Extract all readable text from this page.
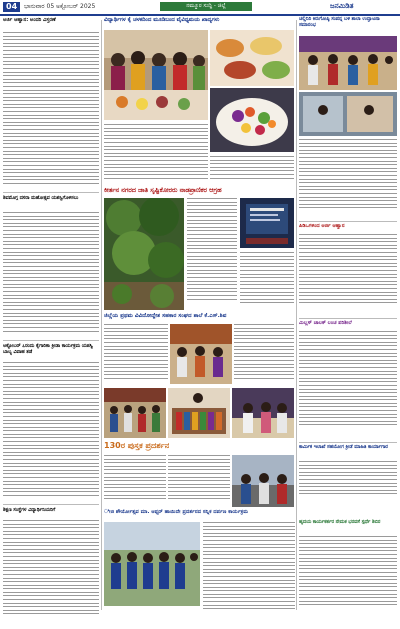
04	ಭಾನುವಾರ 05 ಅಕ್ಟೋಬರ್ 2025	ನಮ್ಮೂರ ಸುದ್ದಿ - ಜಿಲ್ಲೆ	ಜನಮಿಡಿತ
ಅರ್ಜಿ ಆಹ್ವಾನ: ಅಂದರಿ ವಿಸ್ತರಣೆ
ಶಿವಮೊಗ್ಗ ದಸರಾ ಮಹೋತ್ಸವ ಯಶಸ್ವಿಗೊಳಿಸಲು
ಅಕ್ಟೋಬರ್ ೭ರಂದು ಕೈಗಾರಿಕಾ ಕ್ರೀಡಾ ಕಾರ್ಯಕ್ರಮ ಯಶಸ್ವಿ ಬಾಲ್ಯ ವಿವಾಹ ತಡೆ
ಶಿಕ್ಷಣ ಸಂಸ್ಥೆಗಳ ವಿದ್ಯಾರ್ಥಿನಿಯರಿಗೆ
ವಿದ್ಯಾರ್ಥಿಗಳ ಕೈ ಚಳಕದಿಂದ ಮೂಡಿಬಂದ ವೈವಿಧ್ಯಮಯ ಖಾದ್ಯಗಳು
ಕೀರ್ತನ ನಗರದ ಜಾತಿ ಸೃಷ್ಟಿಕೋರರು ನಾಡಪ್ರಾಣಿಕರ ಆಗ್ರಹ
ಜಿಲ್ಲೆಯ ಪ್ರಥಮ ವಿವಿದೋದ್ದೇಶ ಸಹಕಾರ ಸಂಘದ ಶಾಲೆ ಕೆ.ಎಸ್.ಶಿವ
130ರ ಪುಸ್ತಕ ಪ್ರದರ್ಶನ
ೀಜಿ ಶೌರ್ಯೋತ್ಸವ ಮಾ. ಆಫ್ಟರ್ ಹಾಯಿದೇ ಪ್ರದರ್ಶನದ ಸನ್ನಿಕ ದರ್ಪಣ ಕಾರ್ಯಕ್ರಮ
ಚಲ್ಲಿನಿರಿ ಕಿರುಗೋಷ್ಠಿ ಸಂಪನ್ನ ಬಳಿ ಶಾಲಾ ಉದ್ಘಾಟನಾ ಸಮಾರಂಭ
ಪಿಡಿಒಗಳಿಂದ ಅರ್ಜಿ ಆಹ್ವಾನ
ಮಿಲ್ಲಸ್ ಚಾಲಕ್ ಲಂಚ ಪರಿಶೀಲೆ
ಕಾರ್ಮಿಕ ಇಲಾಖೆ ಸಹಯೋಗ ಕ್ರೀಡೆ ಮಾಹಿತಿ ಕಾರ್ಯಾಗಾರ
ಹೃದಯ ಕಾರ್ಯಕರ್ತರ ನೇಮಕ ಭರವಸೆ ಸ್ಪರ್ಧೆ ಶಿಬಿರ
